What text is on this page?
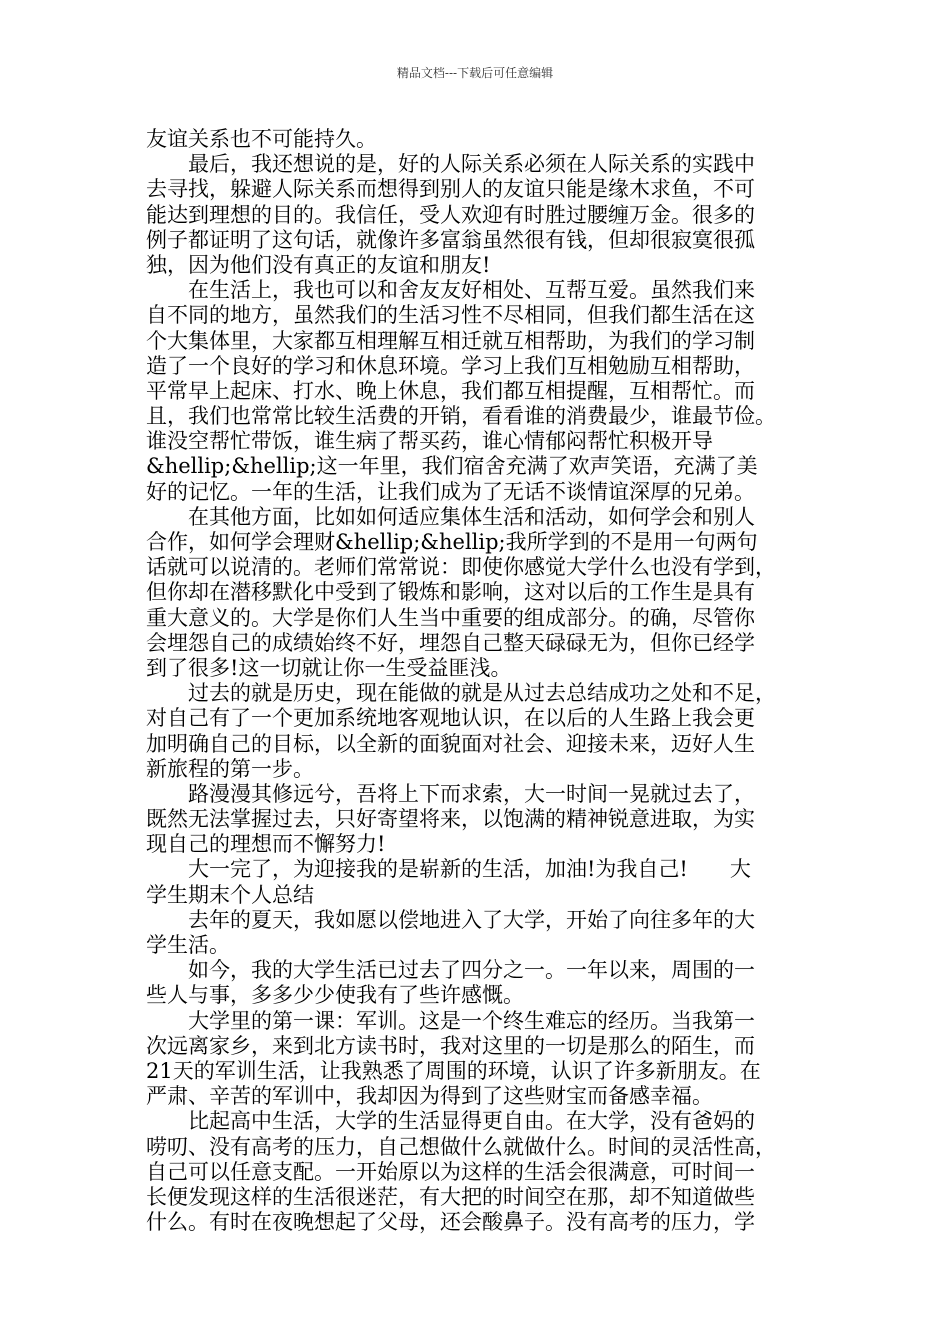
精品文档---下载后可任意编辑
友谊关系也不可能持久。
　　最后，我还想说的是，好的人际关系必须在人际关系的实践中
去寻找，躲避人际关系而想得到别人的友谊只能是缘木求鱼，不可
能达到理想的目的。我信任，受人欢迎有时胜过腰缠万金。很多的
例子都证明了这句话，就像许多富翁虽然很有钱，但却很寂寞很孤
独，因为他们没有真正的友谊和朋友!
　　在生活上，我也可以和舍友友好相处、互帮互爱。虽然我们来
自不同的地方，虽然我们的生活习性不尽相同，但我们都生活在这
个大集体里，大家都互相理解互相迁就互相帮助，为我们的学习制
造了一个良好的学习和休息环境。学习上我们互相勉励互相帮助，
平常早上起床、打水、晚上休息，我们都互相提醒，互相帮忙。而
且，我们也常常比较生活费的开销，看看谁的消费最少，谁最节俭。
谁没空帮忙带饭，谁生病了帮买药，谁心情郁闷帮忙积极开导
&hellip;&hellip;这一年里，我们宿舍充满了欢声笑语，充满了美
好的记忆。一年的生活，让我们成为了无话不谈情谊深厚的兄弟。
　　在其他方面，比如如何适应集体生活和活动，如何学会和别人
合作，如何学会理财&hellip;&hellip;我所学到的不是用一句两句
话就可以说清的。老师们常常说：即使你感觉大学什么也没有学到，
但你却在潜移默化中受到了锻炼和影响，这对以后的工作生是具有
重大意义的。大学是你们人生当中重要的组成部分。的确，尽管你
会埋怨自己的成绩始终不好，埋怨自己整天碌碌无为，但你已经学
到了很多!这一切就让你一生受益匪浅。
　　过去的就是历史，现在能做的就是从过去总结成功之处和不足，
对自己有了一个更加系统地客观地认识，在以后的人生路上我会更
加明确自己的目标，以全新的面貌面对社会、迎接未来，迈好人生
新旅程的第一步。
　　路漫漫其修远兮，吾将上下而求索，大一时间一晃就过去了，
既然无法掌握过去，只好寄望将来，以饱满的精神锐意进取，为实
现自己的理想而不懈努力!
　　大一完了，为迎接我的是崭新的生活，加油!为我自己!　　大
学生期末个人总结
　　去年的夏天，我如愿以偿地进入了大学，开始了向往多年的大
学生活。
　　如今，我的大学生活已过去了四分之一。一年以来，周围的一
些人与事，多多少少使我有了些许感慨。
　　大学里的第一课：军训。这是一个终生难忘的经历。当我第一
次远离家乡，来到北方读书时，我对这里的一切是那么的陌生，而
21天的军训生活，让我熟悉了周围的环境，认识了许多新朋友。在
严肃、辛苦的军训中，我却因为得到了这些财宝而备感幸福。
　　比起高中生活，大学的生活显得更自由。在大学，没有爸妈的
唠叨、没有高考的压力，自己想做什么就做什么。时间的灵活性高，
自己可以任意支配。一开始原以为这样的生活会很满意，可时间一
长便发现这样的生活很迷茫，有大把的时间空在那，却不知道做些
什么。有时在夜晚想起了父母，还会酸鼻子。没有高考的压力，学
